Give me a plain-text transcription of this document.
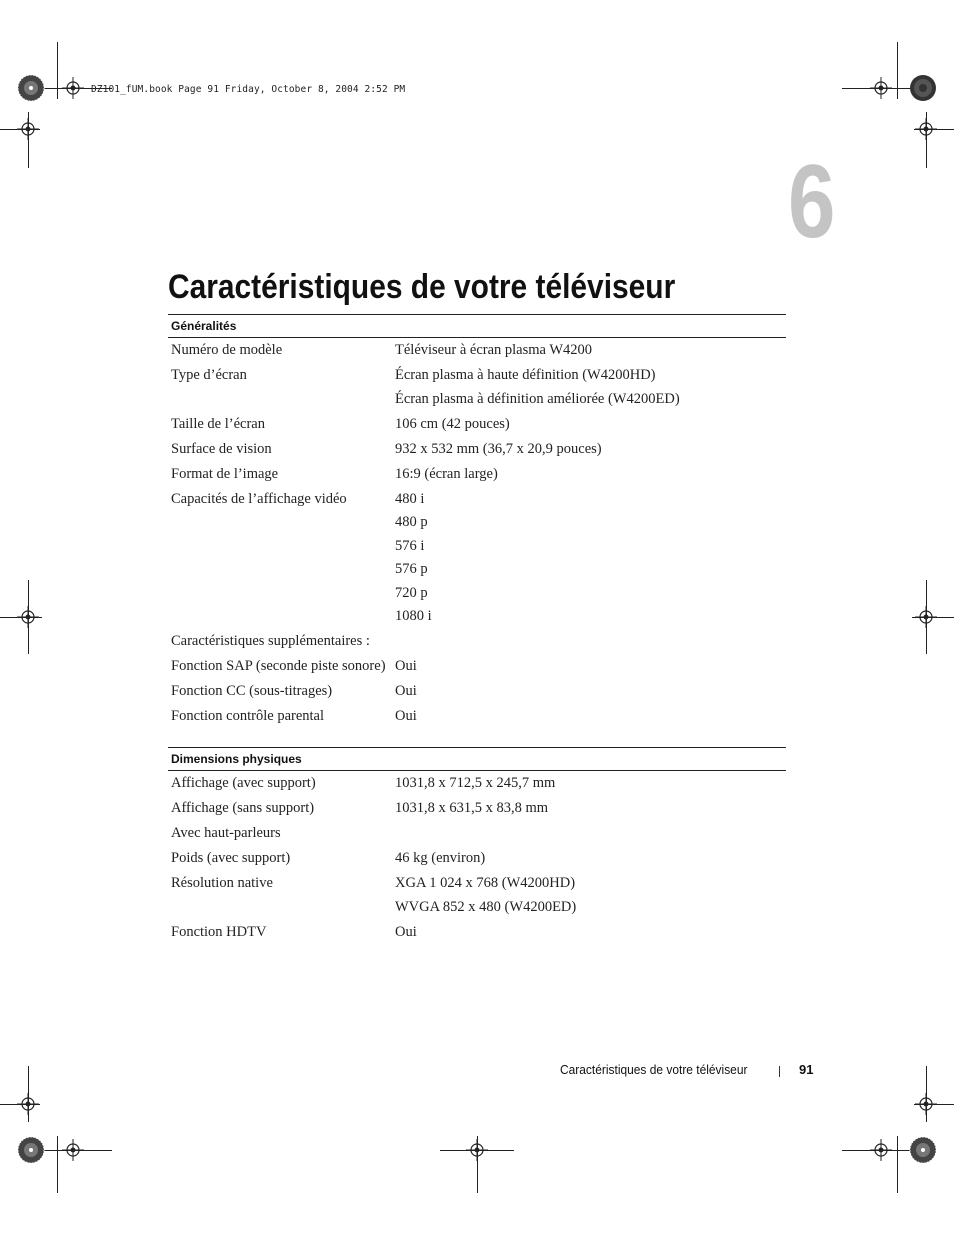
DZ101_fUM.book Page 91 Friday, October 8, 2004 2:52 PM
6
Caractéristiques de votre téléviseur
Généralités
Numéro de modèle	Téléviseur à écran plasma W4200
Type d’écran	Écran plasma à haute définition (W4200HD)
Écran plasma à définition améliorée (W4200ED)
Taille de l’écran	106 cm (42 pouces)
Surface de vision	932 x 532 mm (36,7 x 20,9 pouces)
Format de l’image	16:9 (écran large)
Capacités de l’affichage vidéo	480 i
480 p
576 i
576 p
720 p
1080 i
Caractéristiques supplémentaires :
Fonction SAP (seconde piste sonore) Oui
Fonction CC (sous-titrages)	Oui
Fonction contrôle parental	Oui
Dimensions physiques
Affichage (avec support)	1031,8 x 712,5 x 245,7 mm
Affichage (sans support)	1031,8 x 631,5 x 83,8 mm
Avec haut-parleurs
Poids (avec support)	46 kg (environ)
Résolution native	XGA 1 024 x 768 (W4200HD)
WVGA 852 x 480 (W4200ED)
Fonction HDTV	Oui
Caractéristiques de votre téléviseur	91
